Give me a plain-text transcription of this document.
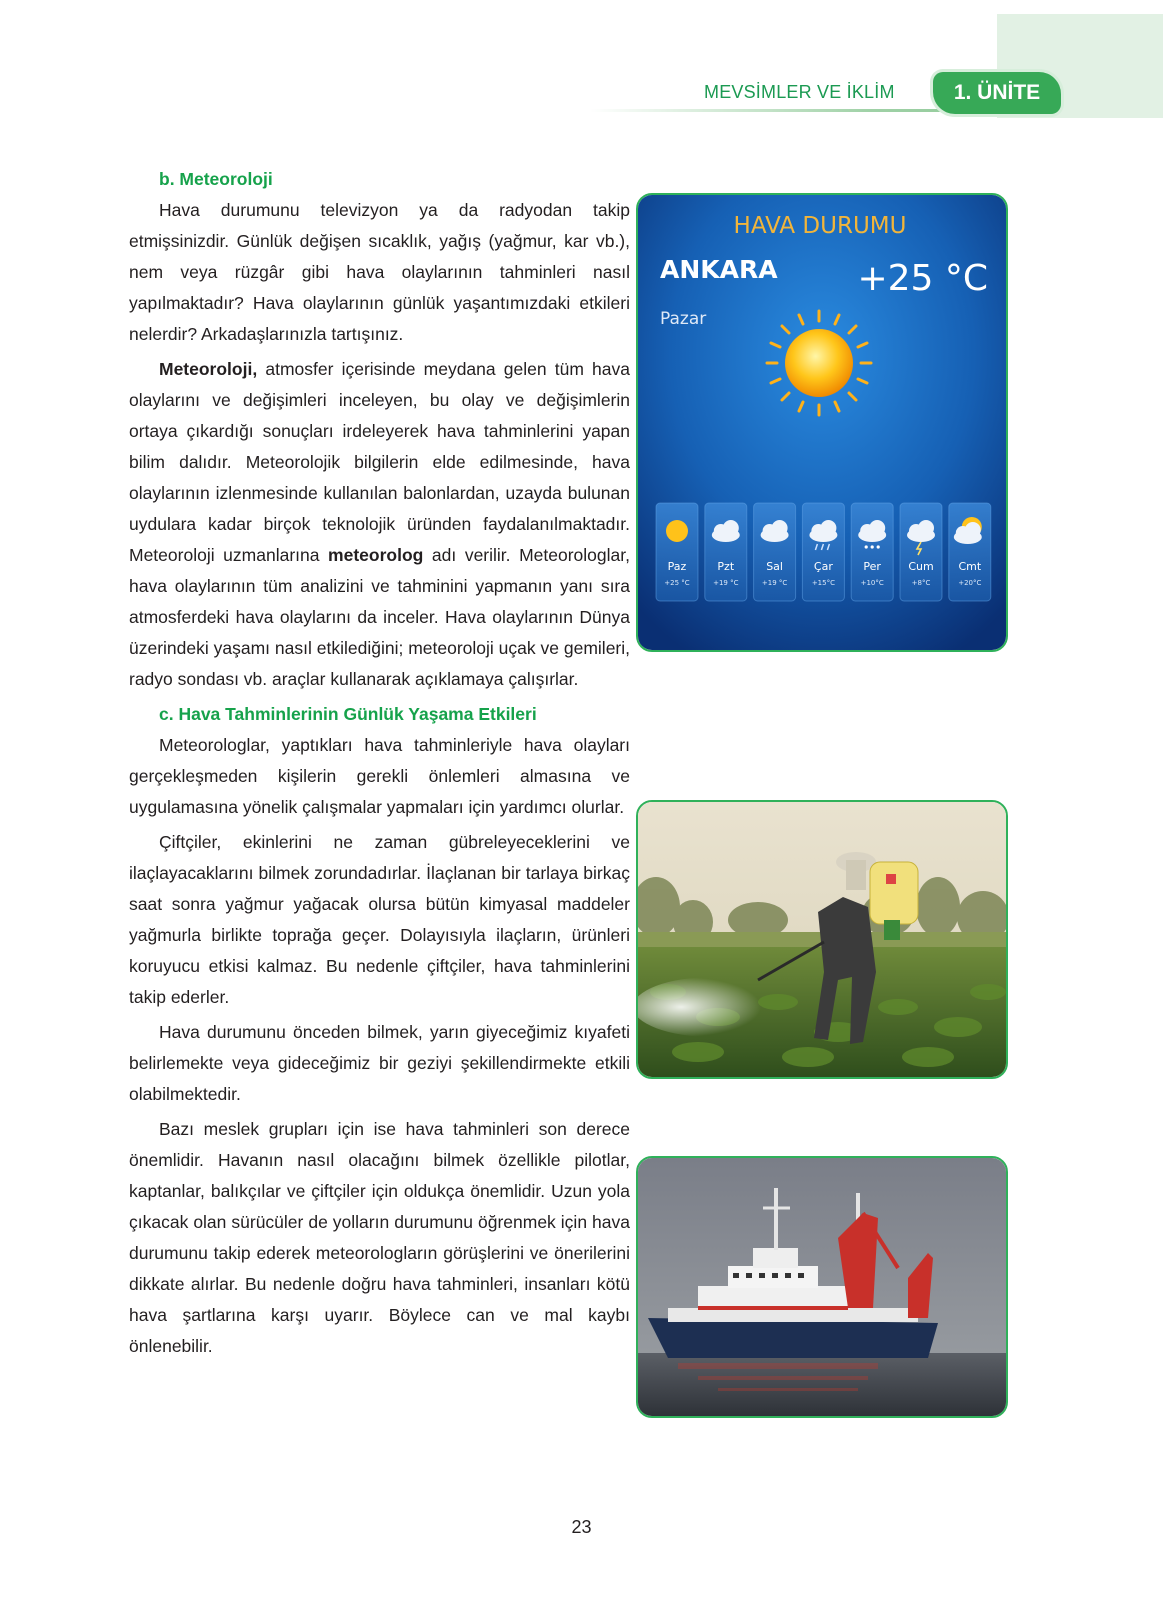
MEVSİMLER VE İKLİM	1. ÜNİTE
b. Meteoroloji

Hava durumunu televizyon ya da radyodan takip etmişsinizdir. Günlük değişen sıcaklık, yağış (yağmur, kar vb.), nem veya rüzgâr gibi hava olaylarının tahminleri nasıl yapılmaktadır? Hava olaylarının günlük yaşantımızdaki etkileri nelerdir? Arkadaşlarınızla tartışınız.

Meteoroloji, atmosfer içerisinde meydana gelen tüm hava olaylarını ve değişimleri inceleyen, bu olay ve değişimlerin ortaya çıkardığı sonuçları irdeleyerek hava tahminlerini yapan bilim dalıdır. Meteorolojik bilgilerin elde edilmesinde, hava olaylarının izlenmesinde kullanılan balonlardan, uzayda bulunan uydulara kadar birçok teknolojik üründen faydalanılmaktadır. Meteoroloji uzmanlarına meteorolog adı verilir. Meteorologlar, hava olaylarının tüm analizini ve tahminini yapmanın yanı sıra atmosferdeki hava olaylarını da inceler. Hava olaylarının Dünya üzerindeki yaşamı nasıl etkilediğini; meteoroloji uçak ve gemileri, radyo sondası vb. araçlar kullanarak açıklamaya çalışırlar.

c. Hava Tahminlerinin Günlük Yaşama Etkileri

Meteorologlar, yaptıkları hava tahminleriyle hava olayları gerçekleşmeden kişilerin gerekli önlemleri almasına ve uygulamasına yönelik çalışmalar yapmaları için yardımcı olurlar.

Çiftçiler, ekinlerini ne zaman gübreleyeceklerini ve ilaçlayacaklarını bilmek zorundadırlar. İlaçlanan bir tarlaya birkaç saat sonra yağmur yağacak olursa bütün kimyasal maddeler yağmurla birlikte toprağa geçer. Dolayısıyla ilaçların, ürünleri koruyucu etkisi kalmaz. Bu nedenle çiftçiler, hava tahminlerini takip ederler.

Hava durumunu önceden bilmek, yarın giyeceğimiz kıyafeti belirlemekte veya gideceğimiz bir geziyi şekillendirmekte etkili olabilmektedir.

Bazı meslek grupları için ise hava tahminleri son derece önemlidir. Havanın nasıl olacağını bilmek özellikle pilotlar, kaptanlar, balıkçılar ve çiftçiler için oldukça önemlidir. Uzun yola çıkacak olan sürücüler de yolların durumunu öğrenmek için hava durumunu takip ederek meteorologların görüşlerini ve önerilerini dikkate alırlar. Bu nedenle doğru hava tahminleri, insanları kötü hava şartlarına karşı uyarır. Böylece can ve mal kaybı önlenebilir.

23
HAVA DURUMU
ANKARA +25 °C
Pazar
Paz
+25 °C
Pzt
+19 °C
Sal
+19 °C
Çar
+15°C
Per
+10°C
Cum
+8°C
Cmt
+20°C
